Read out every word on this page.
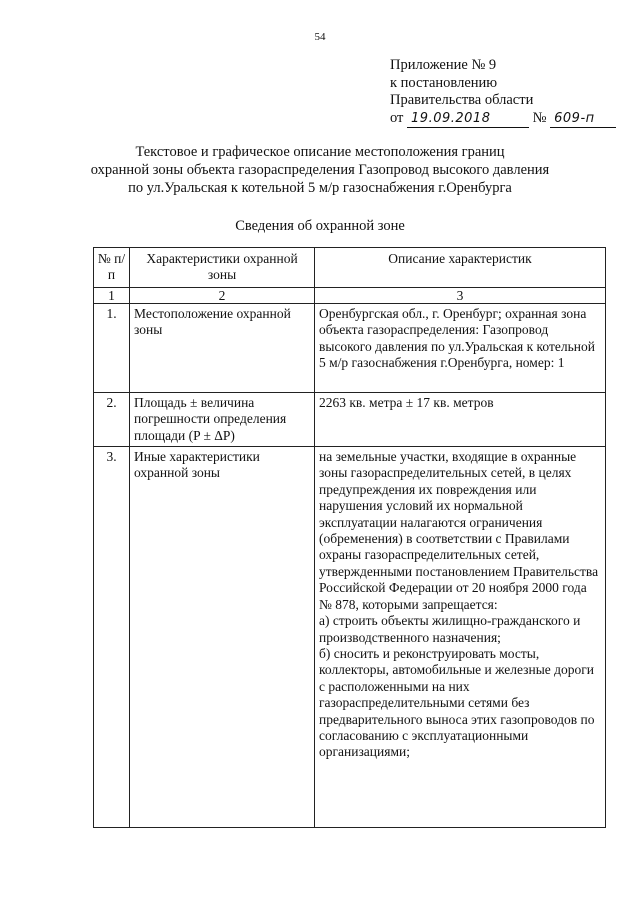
54
Приложение № 9
к постановлению
Правительства области
от
19.09.2018
	№
609-п
Текстовое и графическое описание местоположения границ
охранной зоны объекта газораспределения Газопровод высокого давления
по ул.Уральская к котельной 5 м/р газоснабжения г.Оренбурга
Сведения об охранной зоне
№ п/п	Характеристики охранной зоны	Описание характеристик
1	2	3
1.	Местоположение охранной зоны	Оренбургская обл., г. Оренбург; охранная зона объекта газораспределения: Газопровод высокого давления по ул.Уральская к котельной 5 м/р газоснабжения г.Оренбурга, номер: 1
2.	Площадь ± величина погрешности определения площади (P ± ΔP)	2263 кв. метра ± 17 кв. метров
3.	Иные характеристики охранной зоны	на земельные участки, входящие в охранные зоны газораспределительных сетей, в целях предупреждения их повреждения или нарушения условий их нормальной эксплуатации налагаются ограничения (обременения) в соответствии с Правилами охраны газораспределительных сетей, утвержденными постановлением Правительства Российской Федерации от 20 ноября 2000 года № 878, которыми запрещается:
а) строить объекты жилищно-гражданского и производственного назначения;
б) сносить и реконструировать мосты, коллекторы, автомобильные и железные дороги с расположенными на них газораспределительными сетями без предварительного выноса этих газопроводов по согласованию с эксплуатационными организациями;
